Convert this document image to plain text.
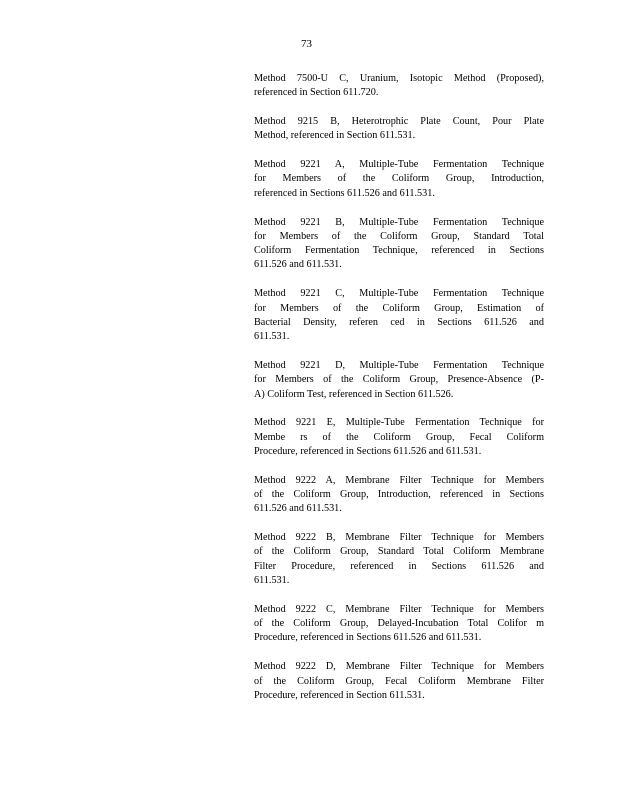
73
Method 7500-U C, Uranium, Isotopic Method (Proposed),
referenced in Section 611.720.
Method 9215 B, Heterotrophic Plate Count, Pour Plate
Method, referenced in Section 611.531.
Method 9221 A, Multiple-Tube Fermentation Technique
for Members of the Coliform Group, Introduction,
referenced in Sections 611.526 and 611.531.
Method 9221 B, Multiple-Tube Fermentation Technique
for Members of the Coliform Group, Standard Total
Coliform Fermentation Technique, referenced in Sections
611.526 and 611.531.
Method 9221 C, Multiple-Tube Fermentation Technique
for Members of the Coliform Group, Estimation of
Bacterial Density, referen ced in Sections 611.526 and
611.531.
Method 9221 D, Multiple-Tube Fermentation Technique
for Members of the Coliform Group, Presence-Absence (P-
A) Coliform Test, referenced in Section 611.526.
Method 9221 E, Multiple-Tube Fermentation Technique for
Membe rs of the Coliform Group, Fecal Coliform
Procedure, referenced in Sections 611.526 and 611.531.
Method 9222 A, Membrane Filter Technique for Members
of the Coliform Group, Introduction, referenced in Sections
611.526 and 611.531.
Method 9222 B, Membrane Filter Technique for Members
of the Coliform Group, Standard Total Coliform Membrane
Filter Procedure, referenced in Sections 611.526 and
611.531.
Method 9222 C, Membrane Filter Technique for Members
of the Coliform Group, Delayed-Incubation Total Colifor m
Procedure, referenced in Sections 611.526 and 611.531.
Method 9222 D, Membrane Filter Technique for Members
of the Coliform Group, Fecal Coliform Membrane Filter
Procedure, referenced in Section 611.531.
